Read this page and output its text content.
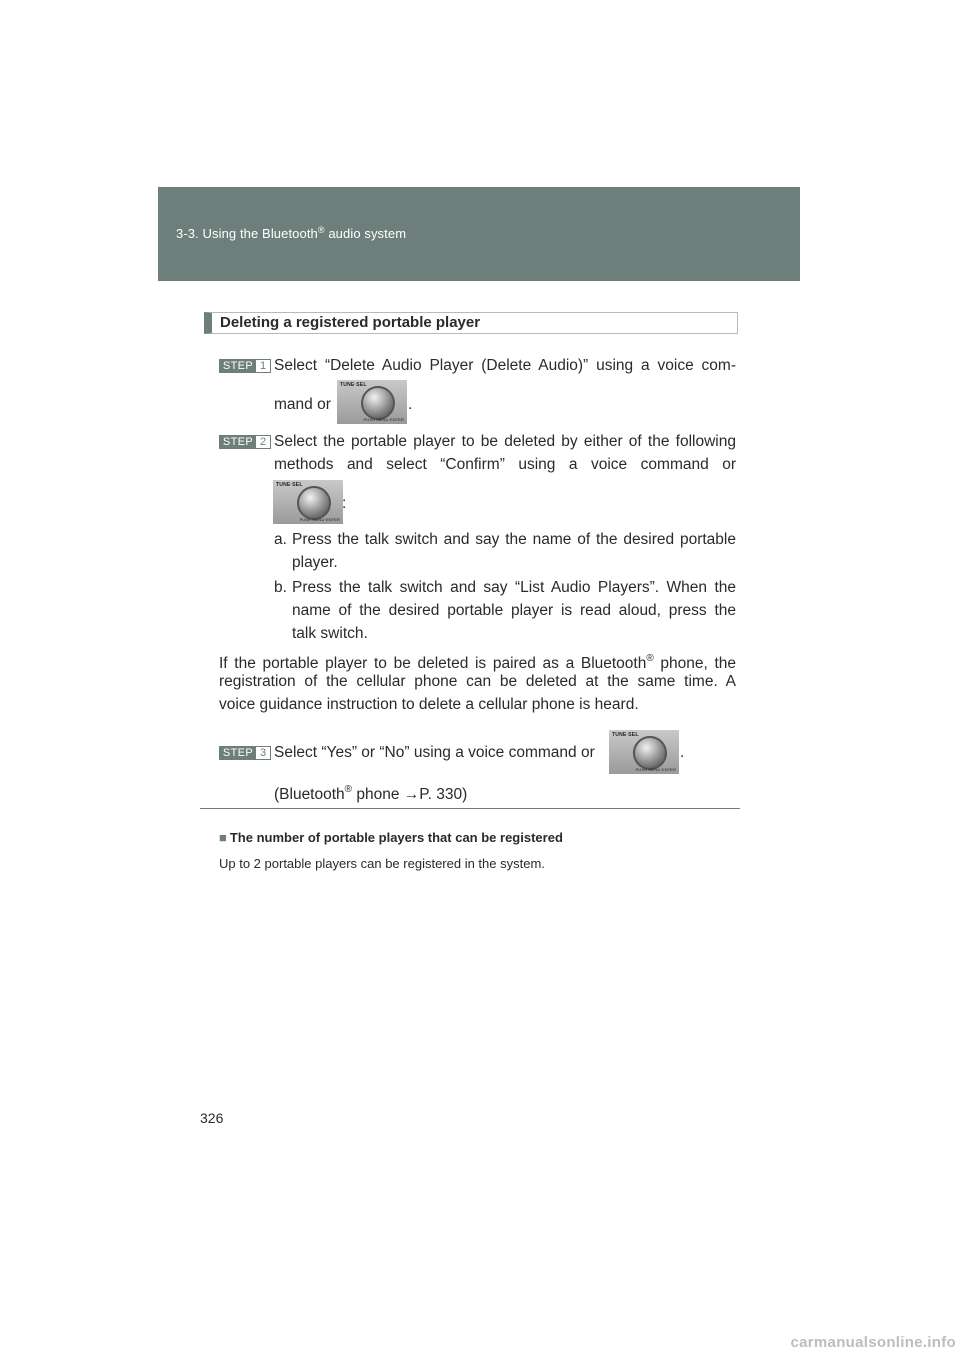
3-3. Using the Bluetooth® audio system
Deleting a registered portable player
STEP 1 Select “Delete Audio Player (Delete Audio)” using a voice com-
mand or
TUNE·SEL
PUSH MENU·ENTER
.
STEP 2 Select the portable player to be deleted by either of the following
methods and select “Confirm” using a voice command or
TUNE·SEL
PUSH MENU·ENTER
:
a. Press the talk switch and say the name of the desired portable
player.
b. Press the talk switch and say “List Audio Players”. When the
name of the desired portable player is read aloud, press the
talk switch.
If the portable player to be deleted is paired as a Bluetooth® phone, the
registration of the cellular phone can be deleted at the same time. A
voice guidance instruction to delete a cellular phone is heard.
STEP 3 Select “Yes” or “No” using a voice command or
TUNE·SEL
PUSH MENU·ENTER
.
(Bluetooth® phone →P. 330)
■ The number of portable players that can be registered
Up to 2 portable players can be registered in the system.
326
carmanualsonline.info
